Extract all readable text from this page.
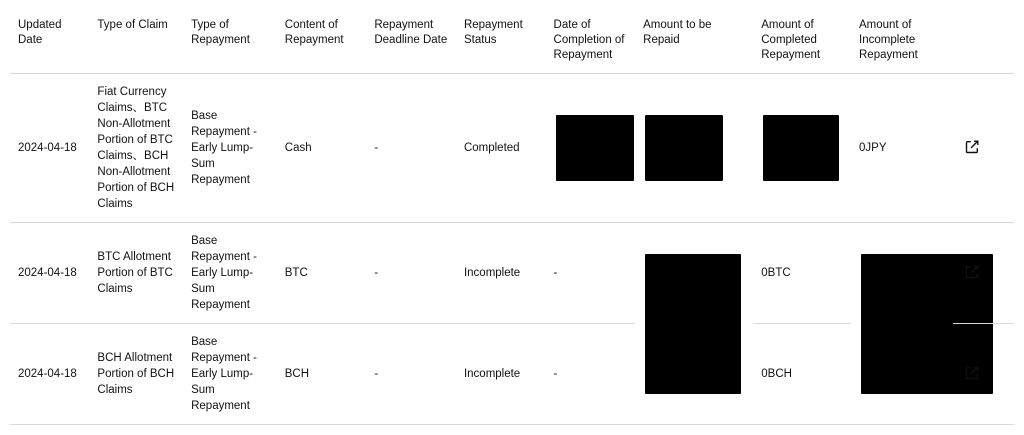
Updated Date	Type of Claim	Type of Repayment	Content of Repayment	Repayment Deadline Date	Repayment Status	Date of Completion of Repayment	Amount to be Repaid	Amount of Completed Repayment	Amount of Incomplete Repayment	
2024-04-18	Fiat Currency Claims、BTC Non-Allotment Portion of BTC Claims、BCH Non-Allotment Portion of BCH Claims	Base Repayment - Early Lump-Sum Repayment	Cash	-	Completed				0JPY	

2024-04-18	BTC Allotment Portion of BTC Claims	Base Repayment - Early Lump-Sum Repayment	BTC	-	Incomplete	-		0BTC	

2024-04-18	BCH Allotment Portion of BCH Claims	Base Repayment - Early Lump-Sum Repayment	BCH	-	Incomplete	-		0BCH	
